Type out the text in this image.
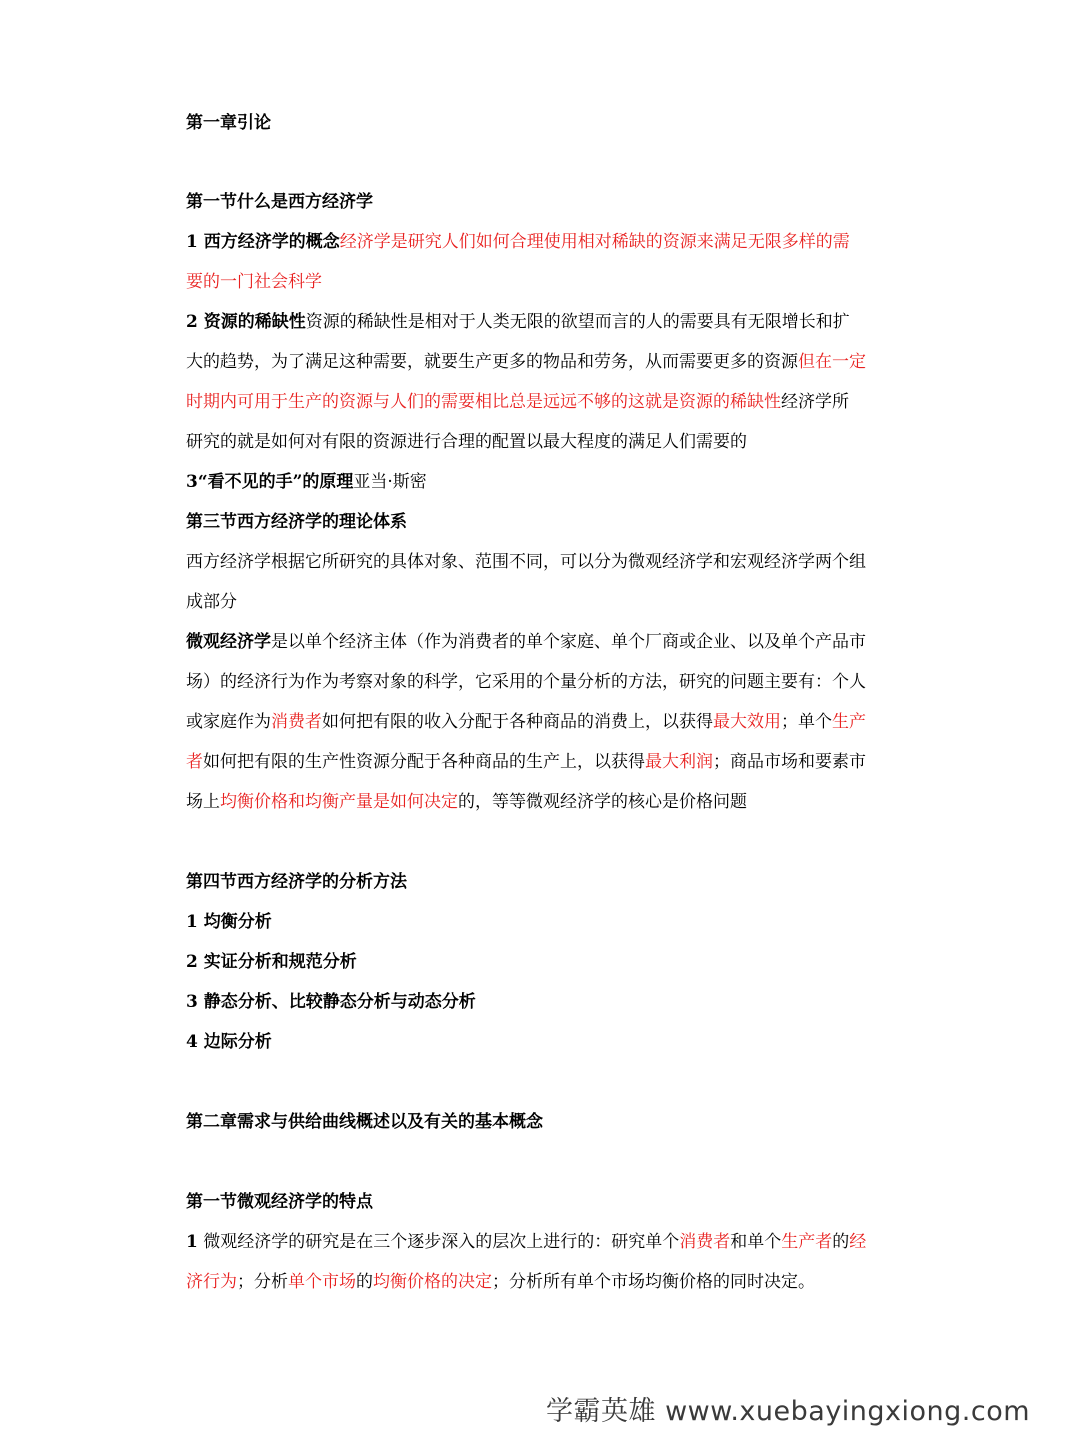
第一章引论
第一节什么是西方经济学
1 西方经济学的概念经济学是研究人们如何合理使用相对稀缺的资源来满足无限多样的需
要的一门社会科学
2 资源的稀缺性资源的稀缺性是相对于人类无限的欲望而言的人的需要具有无限增长和扩
大的趋势，为了满足这种需要，就要生产更多的物品和劳务，从而需要更多的资源但在一定
时期内可用于生产的资源与人们的需要相比总是远远不够的这就是资源的稀缺性经济学所
研究的就是如何对有限的资源进行合理的配置以最大程度的满足人们需要的
3“看不见的手”的原理亚当·斯密
第三节西方经济学的理论体系
西方经济学根据它所研究的具体对象、范围不同，可以分为微观经济学和宏观经济学两个组
成部分
微观经济学是以单个经济主体（作为消费者的单个家庭、单个厂商或企业、以及单个产品市
场）的经济行为作为考察对象的科学，它采用的个量分析的方法，研究的问题主要有：个人
或家庭作为消费者如何把有限的收入分配于各种商品的消费上，以获得最大效用；单个生产
者如何把有限的生产性资源分配于各种商品的生产上，以获得最大利润；商品市场和要素市
场上均衡价格和均衡产量是如何决定的，等等微观经济学的核心是价格问题
第四节西方经济学的分析方法
1 均衡分析
2 实证分析和规范分析
3 静态分析、比较静态分析与动态分析
4 边际分析
第二章需求与供给曲线概述以及有关的基本概念
第一节微观经济学的特点
1 微观经济学的研究是在三个逐步深入的层次上进行的：研究单个消费者和单个生产者的经
济行为；分析单个市场的均衡价格的决定；分析所有单个市场均衡价格的同时决定。
学霸英雄 www.xuebayingxiong.com
